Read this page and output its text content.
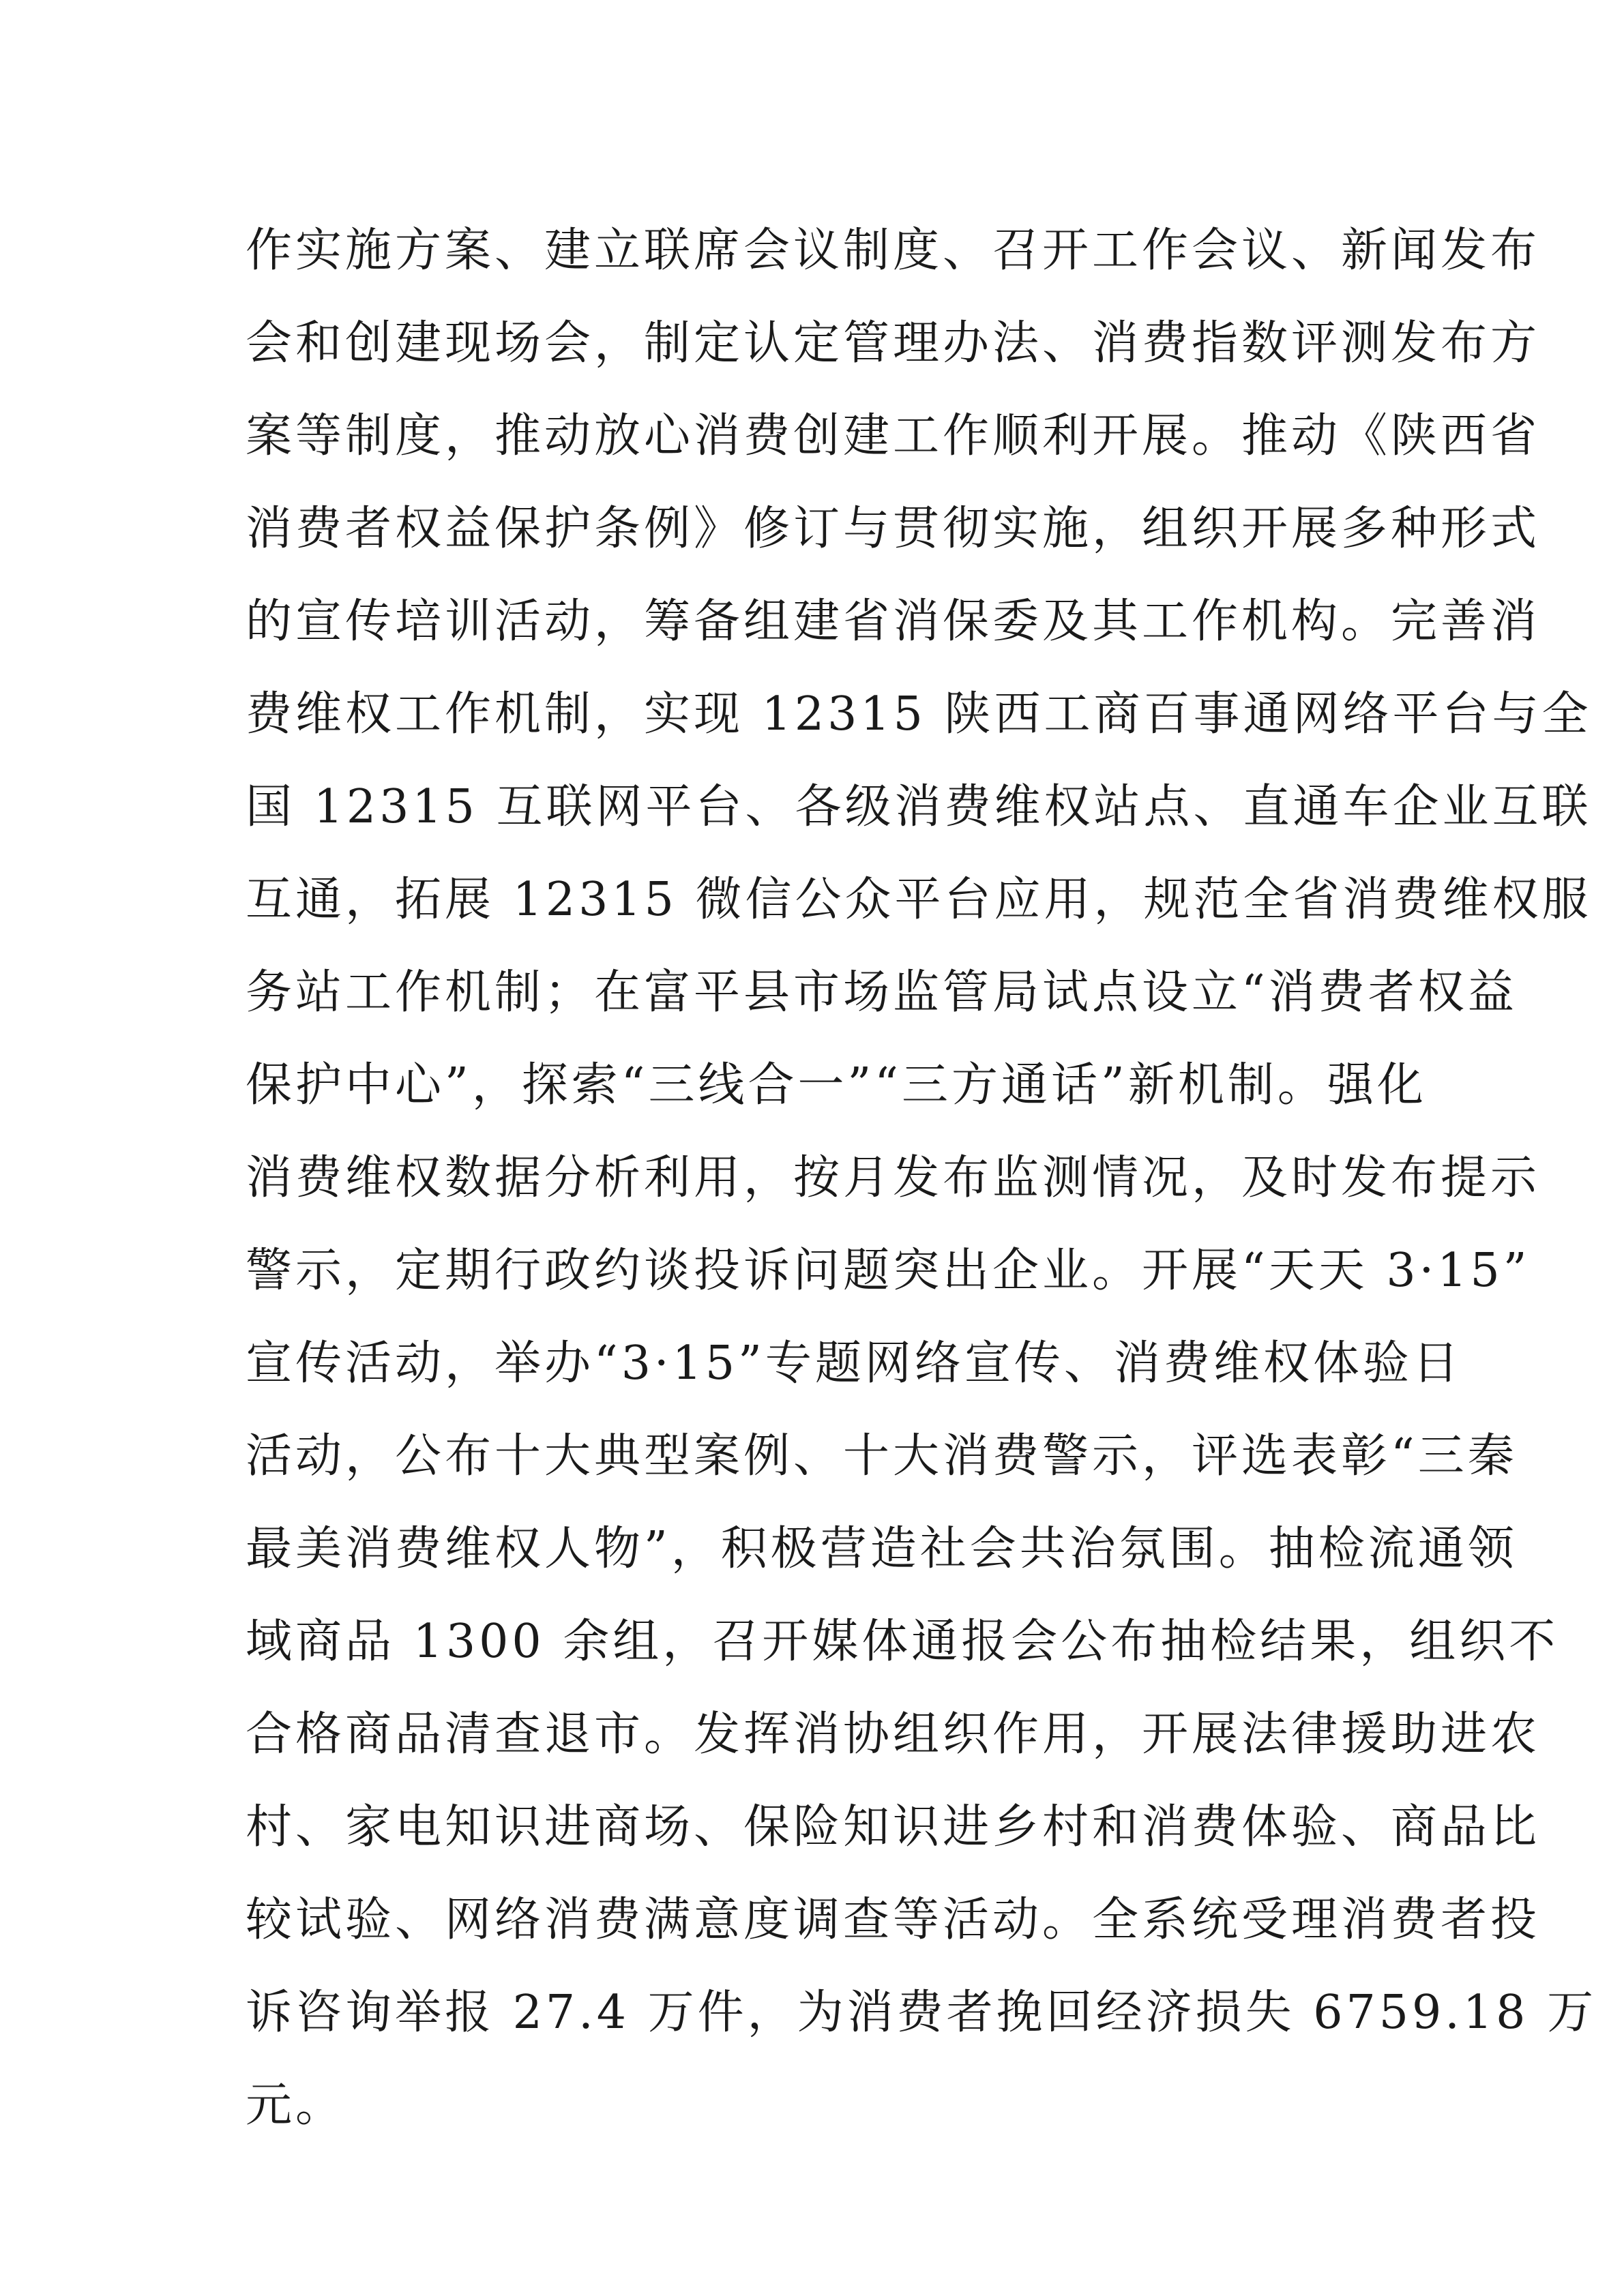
作实施方案、建立联席会议制度、召开工作会议、新闻发布
会和创建现场会，制定认定管理办法、消费指数评测发布方
案等制度，推动放心消费创建工作顺利开展。推动《陕西省
消费者权益保护条例》修订与贯彻实施，组织开展多种形式
的宣传培训活动，筹备组建省消保委及其工作机构。完善消
费维权工作机制，实现 12315 陕西工商百事通网络平台与全
国 12315 互联网平台、各级消费维权站点、直通车企业互联
互通，拓展 12315 微信公众平台应用，规范全省消费维权服
务站工作机制；在富平县市场监管局试点设立“消费者权益
保护中心”，探索“三线合一”“三方通话”新机制。强化
消费维权数据分析利用，按月发布监测情况，及时发布提示
警示，定期行政约谈投诉问题突出企业。开展“天天 3·15”
宣传活动，举办“3·15”专题网络宣传、消费维权体验日
活动，公布十大典型案例、十大消费警示，评选表彰“三秦
最美消费维权人物”，积极营造社会共治氛围。抽检流通领
域商品 1300 余组，召开媒体通报会公布抽检结果，组织不
合格商品清查退市。发挥消协组织作用，开展法律援助进农
村、家电知识进商场、保险知识进乡村和消费体验、商品比
较试验、网络消费满意度调查等活动。全系统受理消费者投
诉咨询举报 27.4 万件，为消费者挽回经济损失 6759.18 万
元。
